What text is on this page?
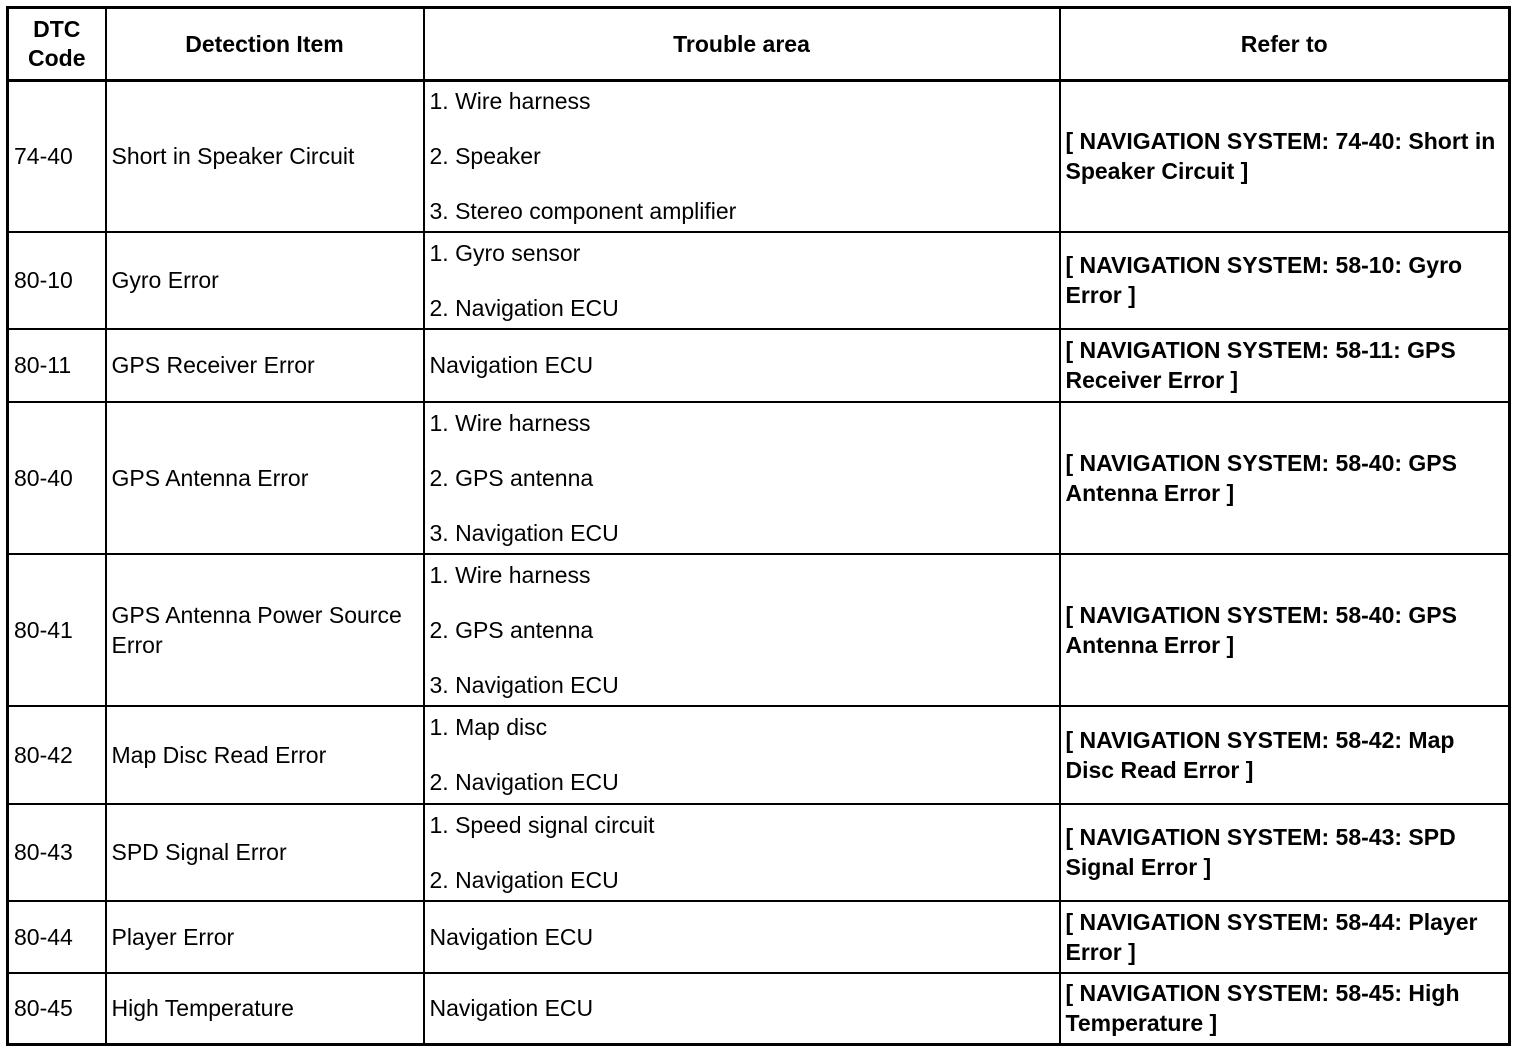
DTC Code	Detection Item	Trouble area	Refer to
74-40	Short in Speaker Circuit	1. Wire harness
2. Speaker
3. Stereo component amplifier	[ NAVIGATION SYSTEM: 74-40: Short in Speaker Circuit ]
80-10	Gyro Error	1. Gyro sensor
2. Navigation ECU	[ NAVIGATION SYSTEM: 58-10: Gyro Error ]
80-11	GPS Receiver Error	Navigation ECU	[ NAVIGATION SYSTEM: 58-11: GPS Receiver Error ]
80-40	GPS Antenna Error	1. Wire harness
2. GPS antenna
3. Navigation ECU	[ NAVIGATION SYSTEM: 58-40: GPS Antenna Error ]
80-41	GPS Antenna Power Source Error	1. Wire harness
2. GPS antenna
3. Navigation ECU	[ NAVIGATION SYSTEM: 58-40: GPS Antenna Error ]
80-42	Map Disc Read Error	1. Map disc
2. Navigation ECU	[ NAVIGATION SYSTEM: 58-42: Map Disc Read Error ]
80-43	SPD Signal Error	1. Speed signal circuit
2. Navigation ECU	[ NAVIGATION SYSTEM: 58-43: SPD Signal Error ]
80-44	Player Error	Navigation ECU	[ NAVIGATION SYSTEM: 58-44: Player Error ]
80-45	High Temperature	Navigation ECU	[ NAVIGATION SYSTEM: 58-45: High Temperature ]
